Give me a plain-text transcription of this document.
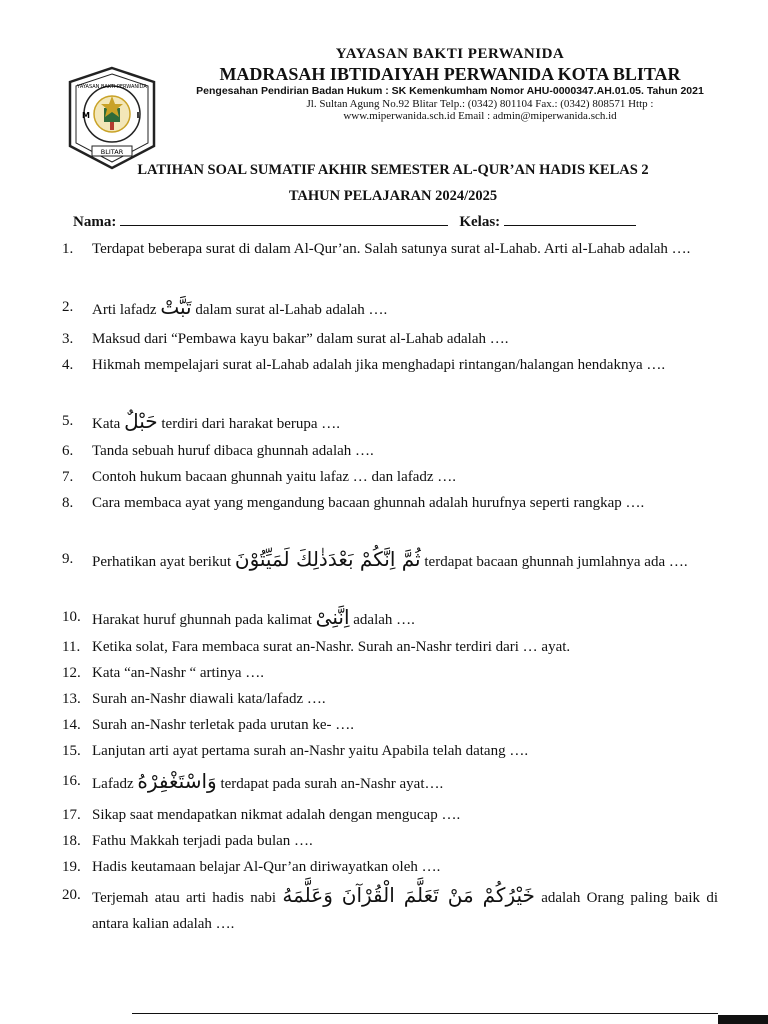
YAYASAN BAKTI PERWANIDA
M	I
BLITAR
YAYASAN BAKTI PERWANIDA
MADRASAH IBTIDAIYAH PERWANIDA KOTA BLITAR
Pengesahan Pendirian Badan Hukum : SK Kemenkumham Nomor AHU-0000347.AH.01.05. Tahun 2021
Jl. Sultan Agung No.92 Blitar Telp.: (0342) 801104 Fax.: (0342) 808571 Http : www.miperwanida.sch.id Email : admin@miperwanida.sch.id
LATIHAN SOAL SUMATIF AKHIR SEMESTER AL-QUR’AN HADIS KELAS 2
TAHUN PELAJARAN 2024/2025
Nama:	Kelas:
1.	Terdapat beberapa surat di dalam Al-Qur’an. Salah satunya surat al-Lahab. Arti al-Lahab adalah ….
2.	Arti lafadz تَبَّتْ dalam surat al-Lahab adalah ….
3.	Maksud dari “Pembawa kayu bakar” dalam surat al-Lahab adalah ….
4.	Hikmah mempelajari surat al-Lahab adalah jika menghadapi rintangan/halangan hendaknya ….
5.	Kata حَبْلٌ terdiri dari harakat berupa ….
6.	Tanda sebuah huruf dibaca ghunnah adalah ….
7.	Contoh hukum bacaan ghunnah yaitu lafaz … dan lafadz ….
8.	Cara membaca ayat yang mengandung bacaan ghunnah adalah hurufnya seperti rangkap ….
9.	Perhatikan ayat berikut ثُمَّ اِنَّكُمْ بَعْدَذٰلِكَ لَمَيِّتُوْنَ terdapat bacaan ghunnah jumlahnya ada ….
10. Harakat huruf ghunnah pada kalimat اِنَّنِىْ adalah ….
11. Ketika solat, Fara membaca surat an-Nashr. Surah an-Nashr terdiri dari … ayat.
12. Kata “an-Nashr “ artinya ….
13. Surah an-Nashr diawali kata/lafadz ….
14. Surah an-Nashr terletak pada urutan ke- ….
15. Lanjutan arti ayat pertama surah an-Nashr yaitu Apabila telah datang ….
16. Lafadz وَاسْتَغْفِرْهُ terdapat pada surah an-Nashr ayat….
17. Sikap saat mendapatkan nikmat adalah dengan mengucap ….
18. Fathu Makkah terjadi pada bulan ….
19. Hadis keutamaan belajar Al-Qur’an diriwayatkan oleh ….
20. Terjemah atau arti hadis nabi خَيْرُكُمْ مَنْ تَعَلَّمَ الْقُرْآنَ وَعَلَّمَهُ adalah Orang paling baik di antara kalian adalah ….
